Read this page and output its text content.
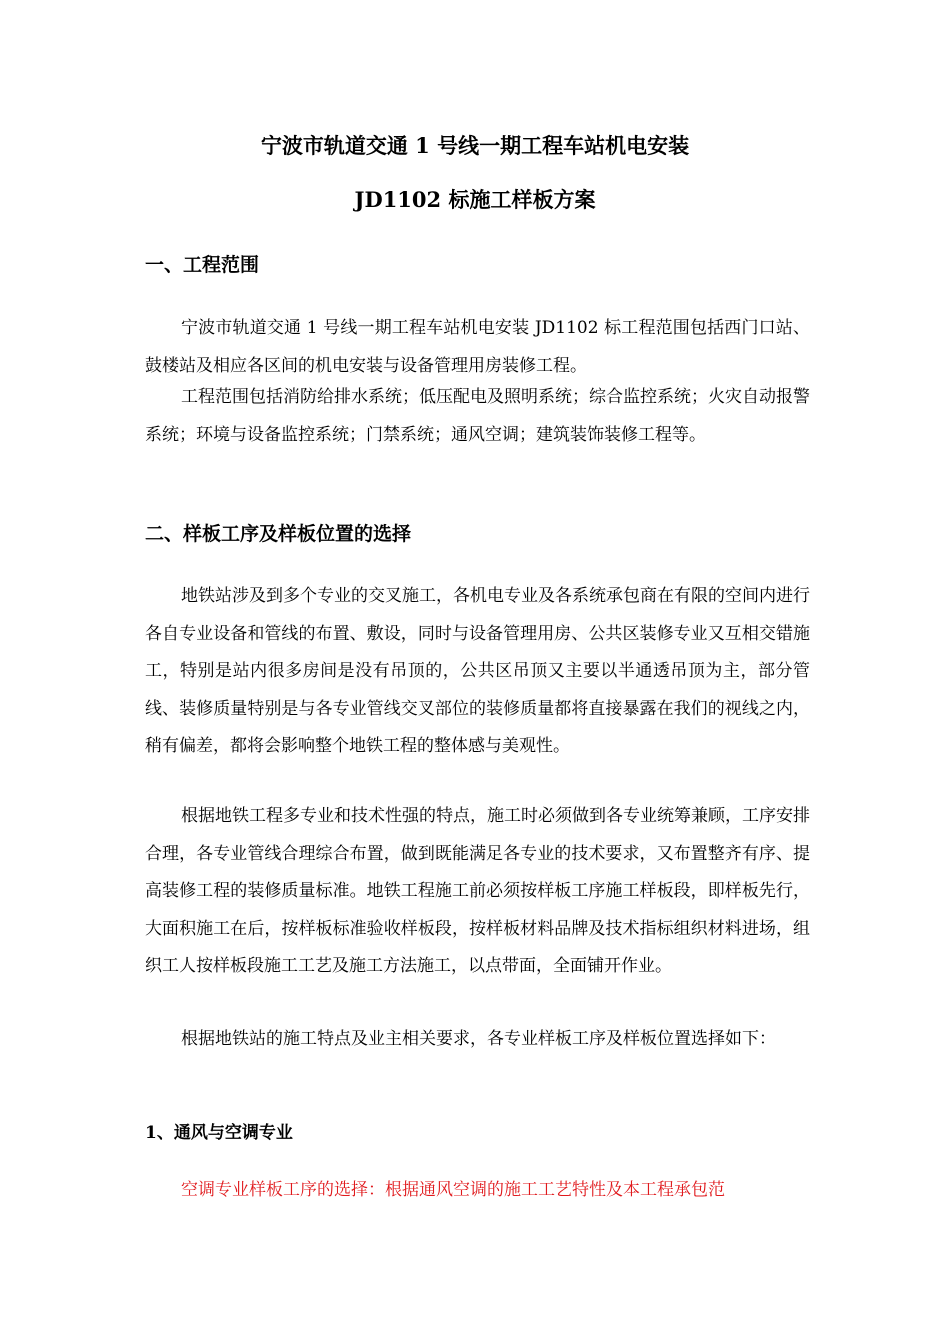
宁波市轨道交通 1 号线一期工程车站机电安装
JD1102 标施工样板方案
一、工程范围

宁波市轨道交通 1 号线一期工程车站机电安装 JD1102 标工程范围包括西门口站、鼓楼站及相应各区间的机电安装与设备管理用房装修工程。

工程范围包括消防给排水系统；低压配电及照明系统；综合监控系统；火灾自动报警系统；环境与设备监控系统；门禁系统；通风空调；建筑装饰装修工程等。

二、样板工序及样板位置的选择

地铁站涉及到多个专业的交叉施工，各机电专业及各系统承包商在有限的空间内进行各自专业设备和管线的布置、敷设，同时与设备管理用房、公共区装修专业又互相交错施工，特别是站内很多房间是没有吊顶的，公共区吊顶又主要以半通透吊顶为主，部分管线、装修质量特别是与各专业管线交叉部位的装修质量都将直接暴露在我们的视线之内，稍有偏差，都将会影响整个地铁工程的整体感与美观性。

根据地铁工程多专业和技术性强的特点，施工时必须做到各专业统筹兼顾，工序安排合理，各专业管线合理综合布置，做到既能满足各专业的技术要求，又布置整齐有序、提高装修工程的装修质量标准。地铁工程施工前必须按样板工序施工样板段，即样板先行，大面积施工在后，按样板标准验收样板段，按样板材料品牌及技术指标组织材料进场，组织工人按样板段施工工艺及施工方法施工，以点带面，全面铺开作业。

根据地铁站的施工特点及业主相关要求，各专业样板工序及样板位置选择如下：

1、通风与空调专业

空调专业样板工序的选择：根据通风空调的施工工艺特性及本工程承包范
